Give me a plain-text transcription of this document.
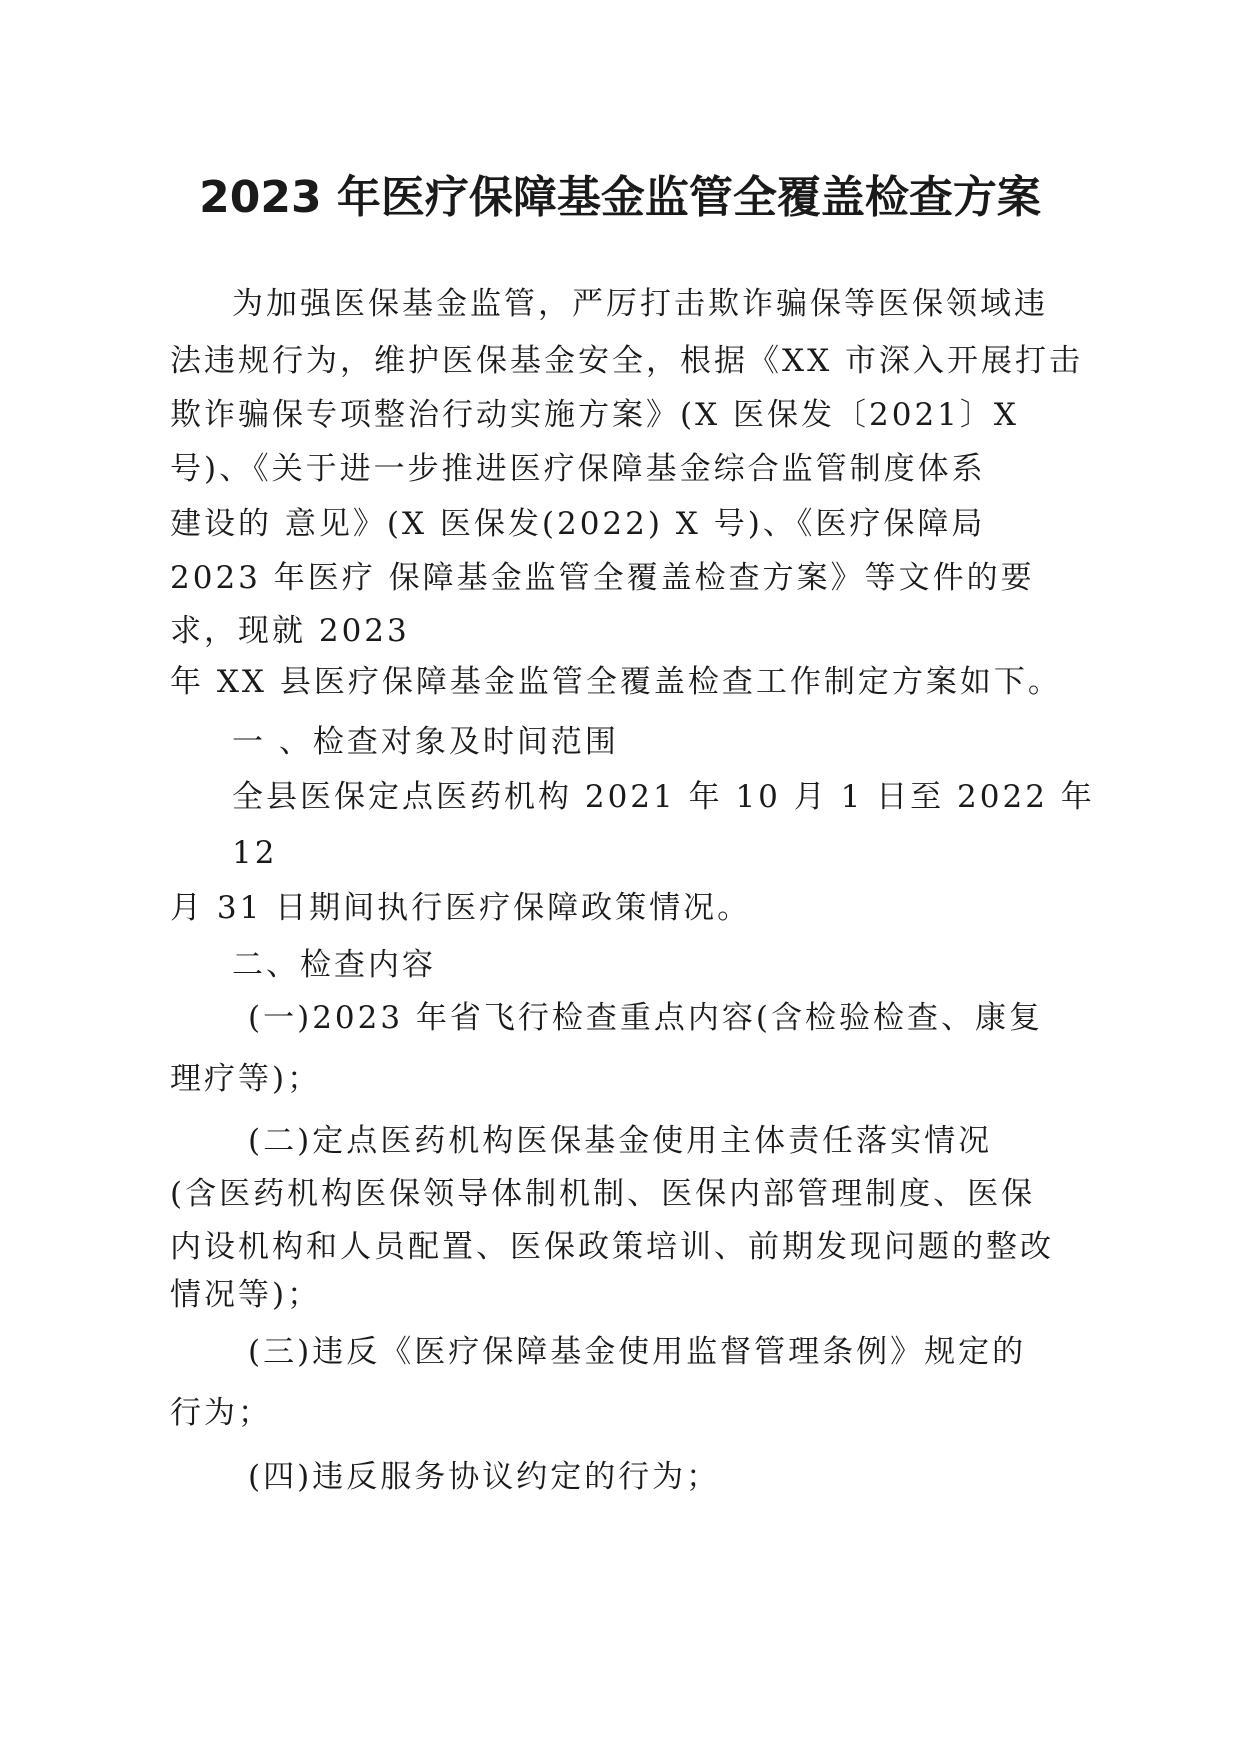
2023 年医疗保障基金监管全覆盖检查方案
为加强医保基金监管，严厉打击欺诈骗保等医保领域违
法违规行为，维护医保基金安全，根据《XX 市深入开展打击
欺诈骗保专项整治行动实施方案》(X 医保发〔2021〕X
号)、《关于进一步推进医疗保障基金综合监管制度体系
建设的 意见》(X 医保发(2022) X 号)、《医疗保障局
2023 年医疗 保障基金监管全覆盖检查方案》等文件的要
求，现就 2023
年 XX 县医疗保障基金监管全覆盖检查工作制定方案如下。
一 、检查对象及时间范围
全县医保定点医药机构 2021 年 10 月 1 日至 2022 年
12
月 31 日期间执行医疗保障政策情况。
二、检查内容
(一)2023 年省飞行检查重点内容(含检验检查、康复
理疗等)；
(二)定点医药机构医保基金使用主体责任落实情况
(含医药机构医保领导体制机制、医保内部管理制度、医保
内设机构和人员配置、医保政策培训、前期发现问题的整改
情况等)；
(三)违反《医疗保障基金使用监督管理条例》规定的
行为；
(四)违反服务协议约定的行为；
